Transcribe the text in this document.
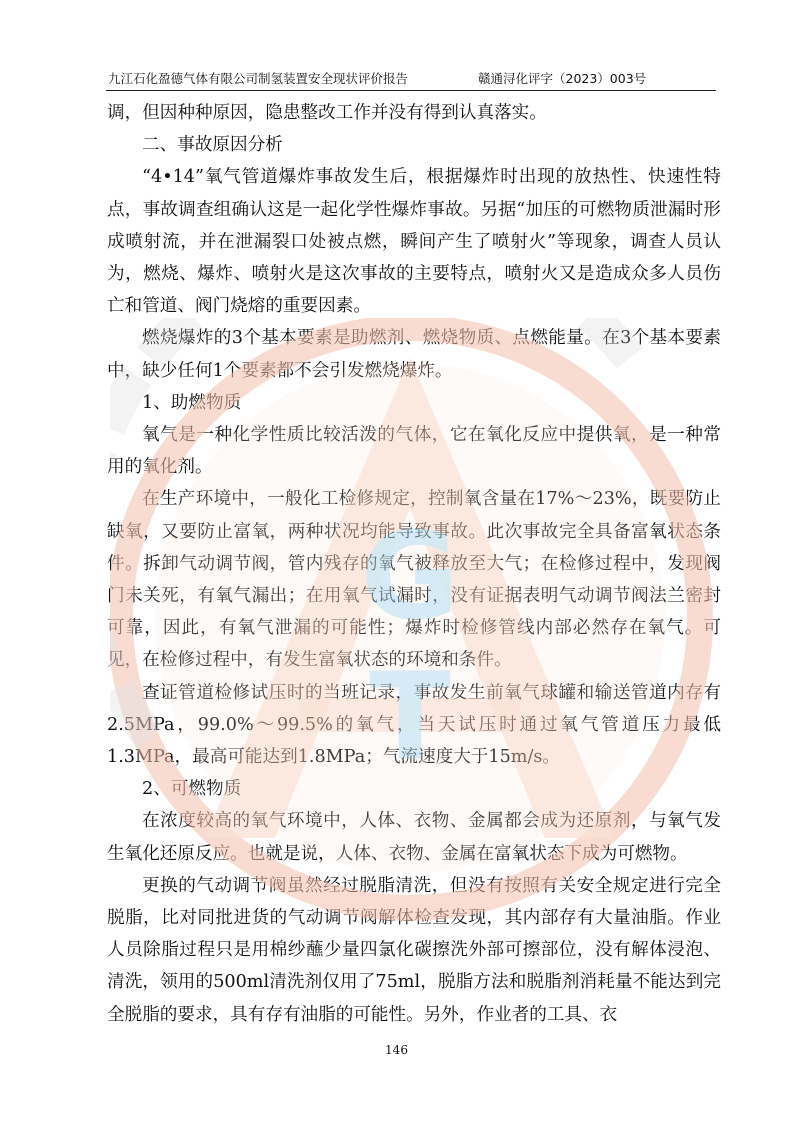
九江石化盈德气体有限公司制氢装置安全现状评价报告	赣通浔化评字（2023）003号

调，但因种种原因，隐患整改工作并没有得到认真落实。

二、事故原因分析

“4•14”氧气管道爆炸事故发生后，根据爆炸时出现的放热性、快速性特点，事故调查组确认这是一起化学性爆炸事故。另据“加压的可燃物质泄漏时形成喷射流，并在泄漏裂口处被点燃，瞬间产生了喷射火”等现象，调查人员认为，燃烧、爆炸、喷射火是这次事故的主要特点，喷射火又是造成众多人员伤亡和管道、阀门烧熔的重要因素。

燃烧爆炸的3个基本要素是助燃剂、燃烧物质、点燃能量。在3个基本要素中，缺少任何1个要素都不会引发燃烧爆炸。

1、助燃物质

氧气是一种化学性质比较活泼的气体，它在氧化反应中提供氧，是一种常用的氧化剂。

在生产环境中，一般化工检修规定，控制氧含量在17%～23%，既要防止缺氧，又要防止富氧，两种状况均能导致事故。此次事故完全具备富氧状态条件。拆卸气动调节阀，管内残存的氧气被释放至大气；在检修过程中，发现阀门未关死，有氧气漏出；在用氧气试漏时，没有证据表明气动调节阀法兰密封可靠，因此，有氧气泄漏的可能性；爆炸时检修管线内部必然存在氧气。可见，在检修过程中，有发生富氧状态的环境和条件。

查证管道检修试压时的当班记录，事故发生前氧气球罐和输送管道内存有2.5MPa，99.0%～99.5%的氧气，当天试压时通过氧气管道压力最低1.3MPa，最高可能达到1.8MPa；气流速度大于15m/s。

2、可燃物质

在浓度较高的氧气环境中，人体、衣物、金属都会成为还原剂，与氧气发生氧化还原反应。也就是说，人体、衣物、金属在富氧状态下成为可燃物。

更换的气动调节阀虽然经过脱脂清洗，但没有按照有关安全规定进行完全脱脂，比对同批进货的气动调节阀解体检查发现，其内部存有大量油脂。作业人员除脂过程只是用棉纱蘸少量四氯化碳擦洗外部可擦部位，没有解体浸泡、清洗，领用的500ml清洗剂仅用了75ml，脱脂方法和脱脂剂消耗量不能达到完全脱脂的要求，具有存有油脂的可能性。另外，作业者的工具、衣

G
T
146
